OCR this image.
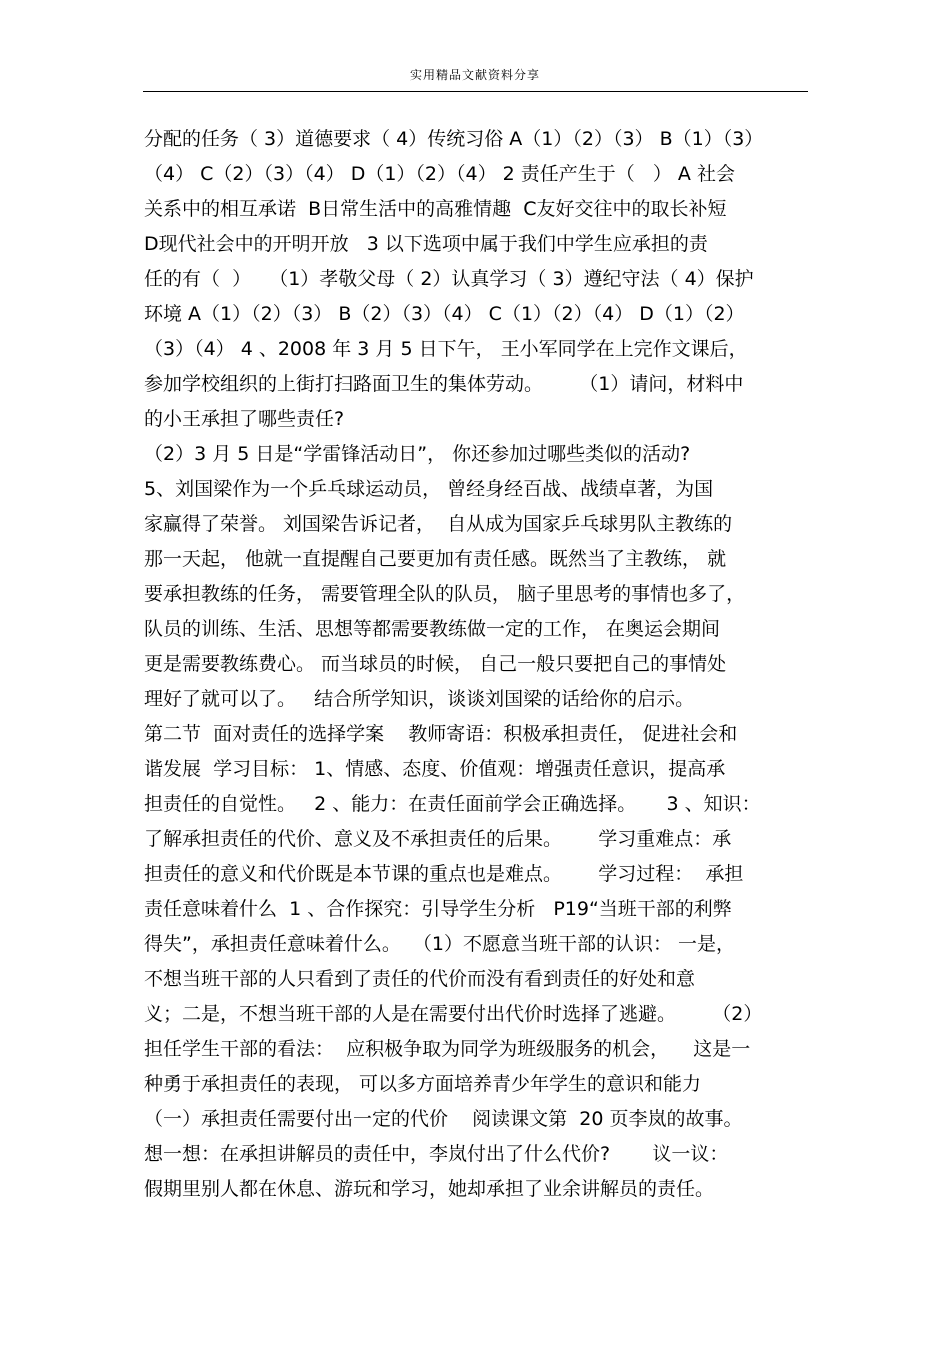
实用精品文献资料分享
分配的任务（ 3）道德要求（ 4）传统习俗 A（1）（2）（3） B（1）（3）
（4） C（2）（3）（4） D（1）（2）（4） 2 责任产生于（   ） A 社会
关系中的相互承诺  B日常生活中的高雅情趣  C友好交往中的取长补短
D现代社会中的开明开放   3 以下选项中属于我们中学生应承担的责
任的有（  ）   （1）孝敬父母（ 2）认真学习（ 3）遵纪守法（ 4）保护
环境 A（1）（2）（3） B（2）（3）（4） C（1）（2）（4） D（1）（2）
（3）（4） 4 、2008 年 3 月 5 日下午， 王小军同学在上完作文课后，
参加学校组织的上街打扫路面卫生的集体劳动。      （1）请问，材料中
的小王承担了哪些责任?
（2）3 月 5 日是“学雷锋活动日”， 你还参加过哪些类似的活动?
5、刘国梁作为一个乒乓球运动员， 曾经身经百战、战绩卓著，为国
家赢得了荣誉。 刘国梁告诉记者，  自从成为国家乒乓球男队主教练的
那一天起， 他就一直提醒自己要更加有责任感。既然当了主教练， 就
要承担教练的任务， 需要管理全队的队员， 脑子里思考的事情也多了，
队员的训练、生活、思想等都需要教练做一定的工作， 在奥运会期间
更是需要教练费心。 而当球员的时候， 自己一般只要把自己的事情处
理好了就可以了。   结合所学知识，谈谈刘国梁的话给你的启示。
第二节  面对责任的选择学案    教师寄语：积极承担责任， 促进社会和
谐发展  学习目标： 1、情感、态度、价值观：增强责任意识，提高承
担责任的自觉性。   2 、能力：在责任面前学会正确选择。     3 、知识：
了解承担责任的代价、意义及不承担责任的后果。      学习重难点：承
担责任的意义和代价既是本节课的重点也是难点。      学习过程：  承担
责任意味着什么  1 、合作探究：引导学生分析   P19“当班干部的利弊
得失”，承担责任意味着什么。  （1）不愿意当班干部的认识： 一是，
不想当班干部的人只看到了责任的代价而没有看到责任的好处和意
义；二是，不想当班干部的人是在需要付出代价时选择了逃避。      （2）
担任学生干部的看法：  应积极争取为同学为班级服务的机会，    这是一
种勇于承担责任的表现， 可以多方面培养青少年学生的意识和能力
（一）承担责任需要付出一定的代价    阅读课文第  20 页李岚的故事。
想一想：在承担讲解员的责任中，李岚付出了什么代价?       议一议：
假期里别人都在休息、游玩和学习，她却承担了业余讲解员的责任。
